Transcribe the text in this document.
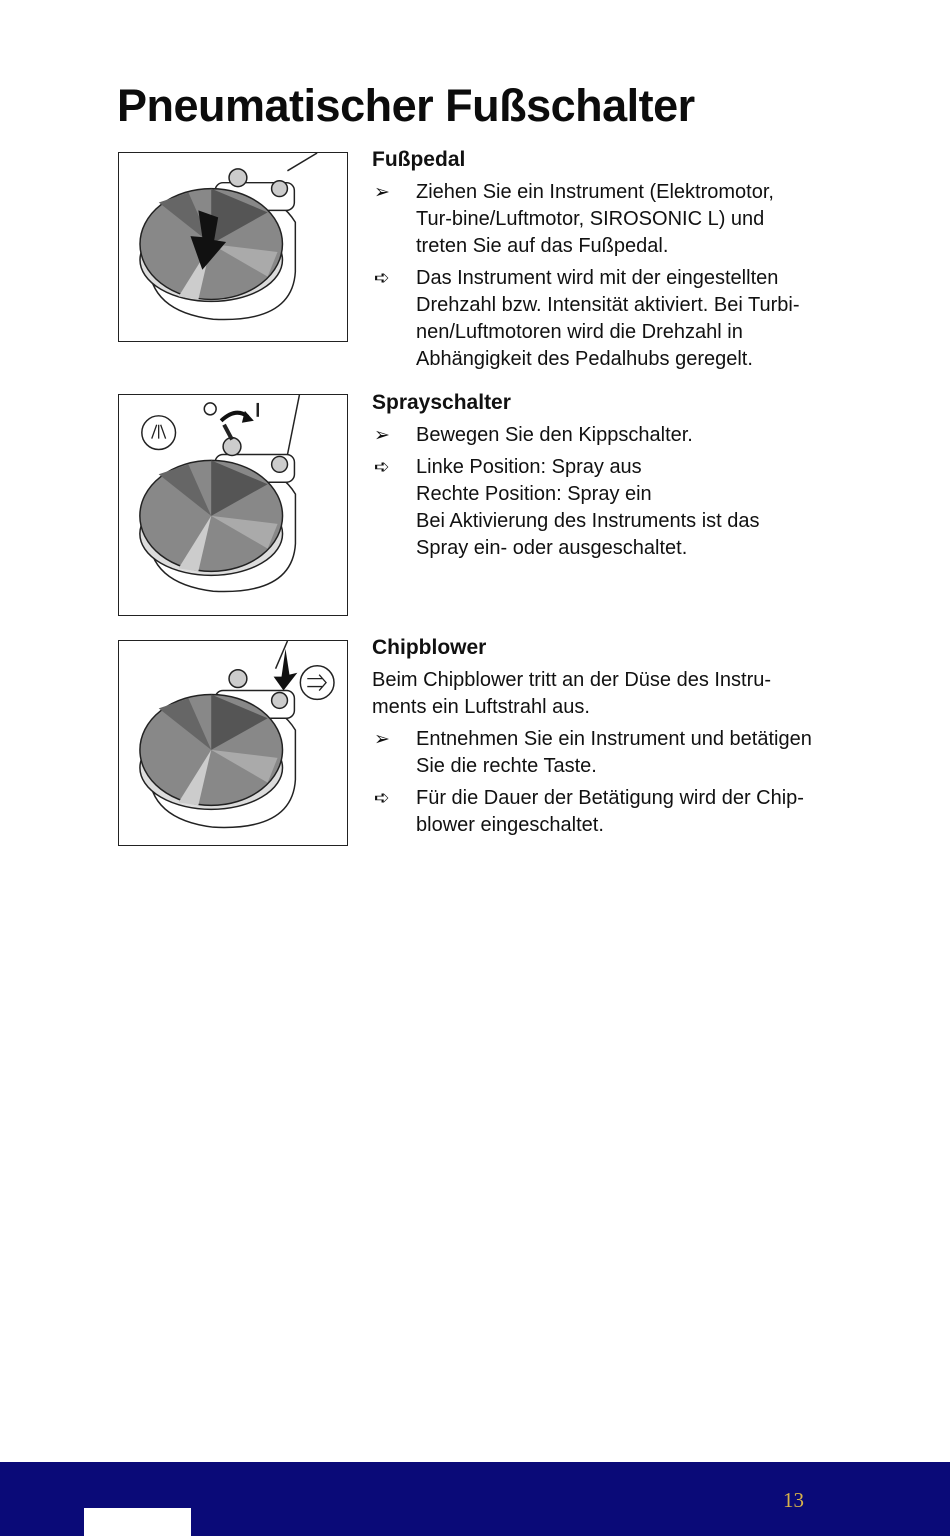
Pneumatischer Fußschalter
Fußpedal
➢ Ziehen Sie ein Instrument (Elektromotor, Tur-bine/Luftmotor, SIROSONIC L) und treten Sie auf das Fußpedal.

➪ Das Instrument wird mit der eingestellten Drehzahl bzw. Intensität aktiviert. Bei Turbi-nen/Luftmotoren wird die Drehzahl in Abhängigkeit des Pedalhubs geregelt.

Sprayschalter
➢ Bewegen Sie den Kippschalter.

➪ Linke Position: Spray aus

Rechte Position: Spray ein

Bei Aktivierung des Instruments ist das Spray ein- oder ausgeschaltet.

Chipblower

Beim Chipblower tritt an der Düse des Instru-ments ein Luftstrahl aus.

➢ Entnehmen Sie ein Instrument und betätigen Sie die rechte Taste.

➪ Für die Dauer der Betätigung wird der Chip-blower eingeschaltet.

13
